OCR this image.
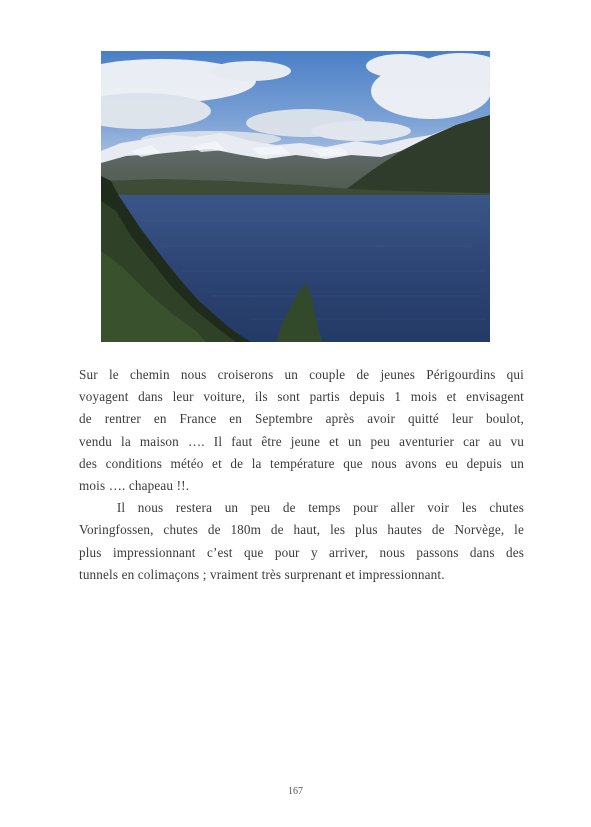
Sur le chemin nous croiserons un couple de jeunes Périgourdins qui
voyagent dans leur voiture, ils sont partis depuis 1 mois et envisagent
de rentrer en France en Septembre après avoir quitté leur boulot,
vendu la maison …. Il faut être jeune et un peu aventurier car au vu
des conditions météo et de la température que nous avons eu depuis un
mois …. chapeau !!.
Il nous restera un peu de temps pour aller voir les chutes
Voringfossen, chutes de 180m de haut, les plus hautes de Norvège, le
plus impressionnant c’est que pour y arriver, nous passons dans des
tunnels en colimaçons ; vraiment très surprenant et impressionnant.
167
